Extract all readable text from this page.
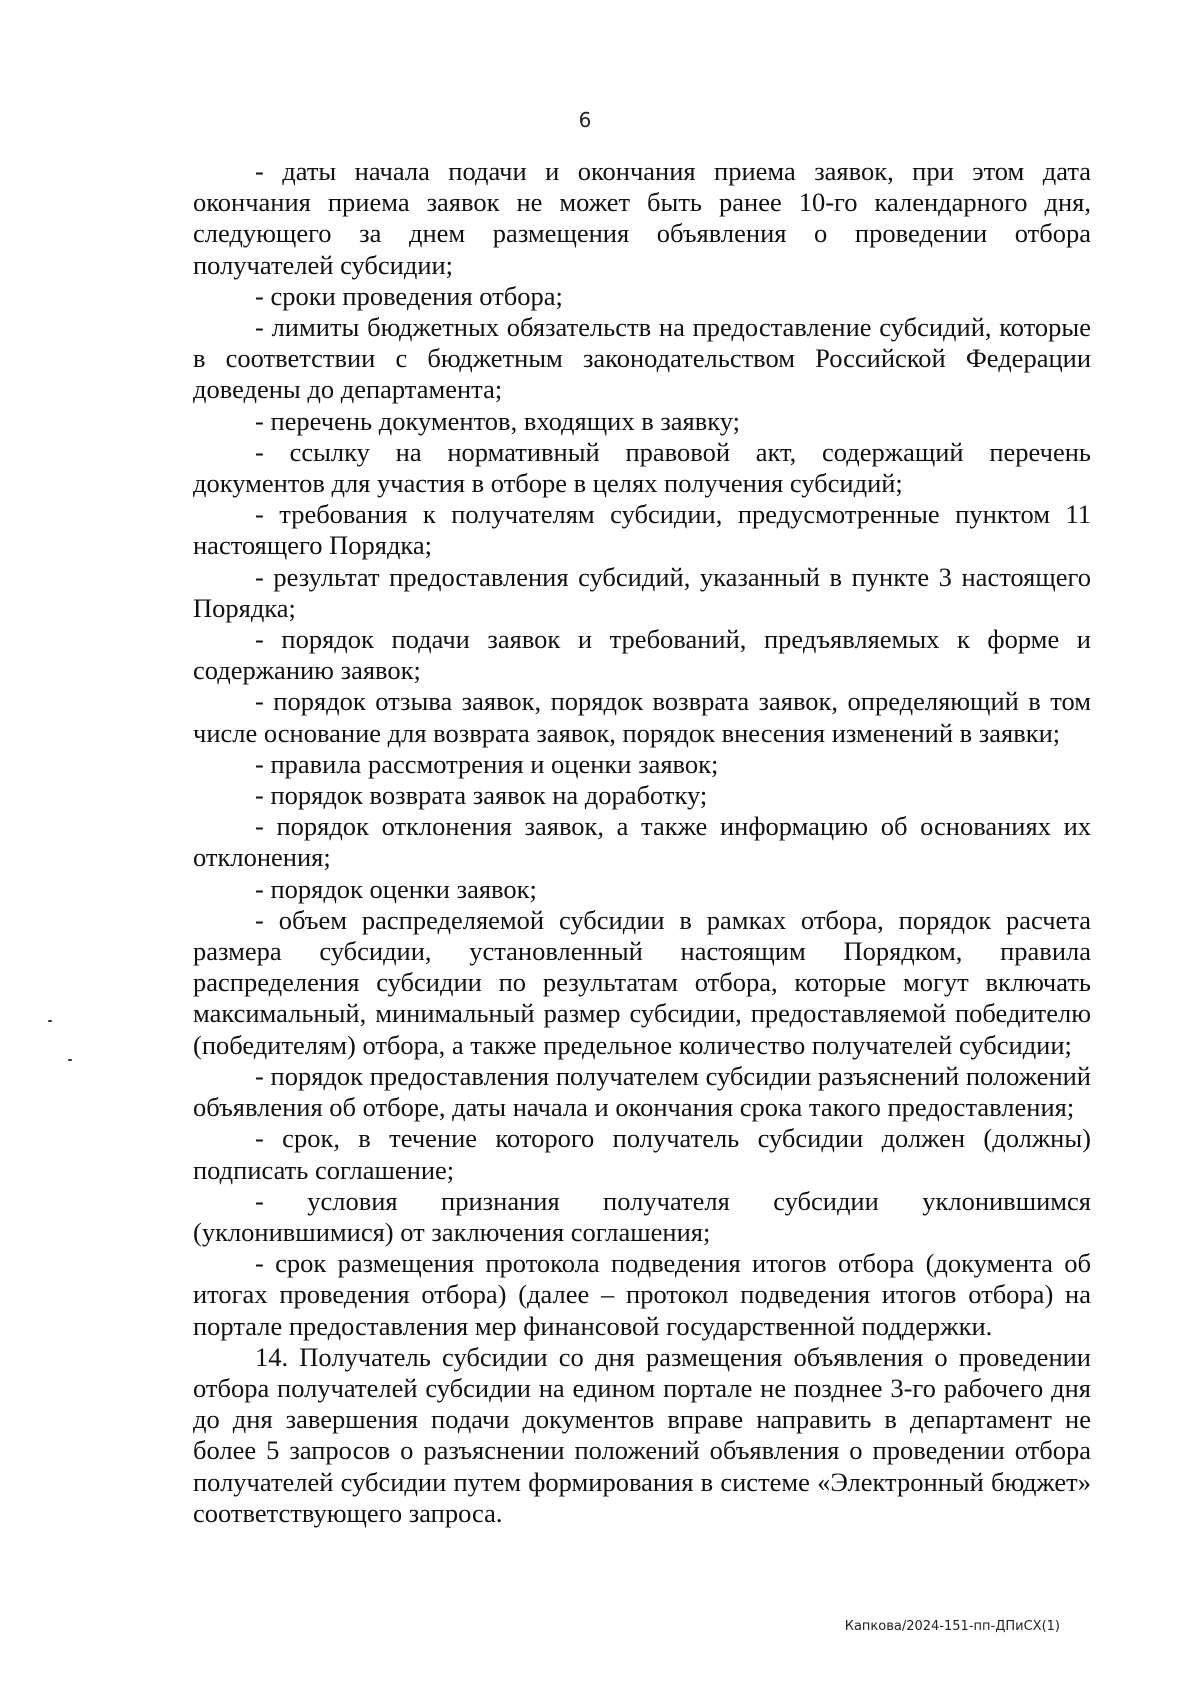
6

- даты начала подачи и окончания приема заявок, при этом дата окончания приема заявок не может быть ранее 10-го календарного дня, следующего за днем размещения объявления о проведении отбора получателей субсидии;

- сроки проведения отбора;

- лимиты бюджетных обязательств на предоставление субсидий, которые в соответствии с бюджетным законодательством Российской Федерации доведены до департамента;

- перечень документов, входящих в заявку;

- ссылку на нормативный правовой акт, содержащий перечень документов для участия в отборе в целях получения субсидий;

- требования к получателям субсидии, предусмотренные пунктом 11 настоящего Порядка;

- результат предоставления субсидий, указанный в пункте 3 настоящего Порядка;

- порядок подачи заявок и требований, предъявляемых к форме и содержанию заявок;

- порядок отзыва заявок, порядок возврата заявок, определяющий в том числе основание для возврата заявок, порядок внесения изменений в заявки;

- правила рассмотрения и оценки заявок;

- порядок возврата заявок на доработку;

- порядок отклонения заявок, а также информацию об основаниях их отклонения;

- порядок оценки заявок;

- объем распределяемой субсидии в рамках отбора, порядок расчета размера субсидии, установленный настоящим Порядком, правила распределения субсидии по результатам отбора, которые могут включать максимальный, минимальный размер субсидии, предоставляемой победителю (победителям) отбора, а также предельное количество получателей субсидии;

- порядок предоставления получателем субсидии разъяснений положений объявления об отборе, даты начала и окончания срока такого предоставления;

- срок, в течение которого получатель субсидии должен (должны) подписать соглашение;

- условия признания получателя субсидии уклонившимся (уклонившимися) от заключения соглашения;

- срок размещения протокола подведения итогов отбора (документа об итогах проведения отбора) (далее – протокол подведения итогов отбора) на портале предоставления мер финансовой государственной поддержки.

14. Получатель субсидии со дня размещения объявления о проведении отбора получателей субсидии на едином портале не позднее 3-го рабочего дня до дня завершения подачи документов вправе направить в департамент не более 5 запросов о разъяснении положений объявления о проведении отбора получателей субсидии путем формирования в системе «Электронный бюджет» соответствующего запроса.

Капкова/2024-151-пп-ДПиСХ(1)
